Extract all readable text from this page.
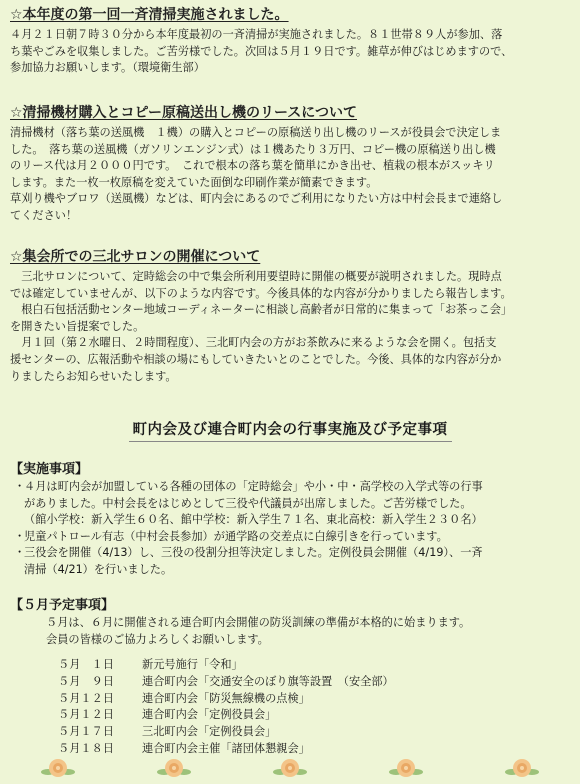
☆本年度の第一回一斉清掃実施されました。

４月２１日朝７時３０分から本年度最初の一斉清掃が実施されました。８１世帯８９人が参加、落
ち葉やごみを収集しました。ご苦労様でした。次回は５月１９日です。雑草が伸びはじめますので、
参加協力お願いします。（環境衛生部）

☆清掃機材購入とコピー原稿送出し機のリースについて

清掃機材（落ち葉の送風機　１機）の購入とコピーの原稿送り出し機のリースが役員会で決定しま
した。　落ち葉の送風機（ガソリンエンジン式）は１機あたり３万円、コピー機の原稿送り出し機
のリース代は月２０００円です。　これで根本の落ち葉を簡単にかき出せ、植栽の根本がスッキリ
します。また一枚一枚原稿を変えていた面倒な印刷作業が簡素できます。
草刈り機やブロワ（送風機）などは、町内会にあるのでご利用になりたい方は中村会長まで連絡し
てください！

☆集会所での三北サロンの開催について

　三北サロンについて、定時総会の中で集会所利用要望時に開催の概要が説明されました。現時点
では確定していませんが、以下のような内容です。今後具体的な内容が分かりましたら報告します。
　根白石包括活動センター地域コーディネーターに相談し高齢者が日常的に集まって「お茶っこ会」
を開きたい旨提案でした。
　月１回（第２水曜日、２時間程度）、三北町内会の方がお茶飲みに来るような会を開く。包括支
援センターの、広報活動や相談の場にもしていきたいとのことでした。今後、具体的な内容が分か
りましたらお知らせいたします。

町内会及び連合町内会の行事実施及び予定事項

【実施事項】

・
４月は町内会が加盟している各種の団体の「定時総会」や小・中・高学校の入学式等の行事
がありました。中村会長をはじめとして三役や代議員が出席しました。ご苦労様でした。
（館小学校：新入学生６０名、館中学校：新入学生７１名、東北高校：新入学生２３０名）
・
児童パトロール有志（中村会長参加）が通学路の交差点に白線引きを行っています。
・
三役会を開催（4/13）し、三役の役割分担等決定しました。定例役員会開催（4/19）、一斉
清掃（4/21）を行いました。

【５月予定事項】

５月は、６月に開催される連合町内会開催の防災訓練の準備が本格的に始まります。
会員の皆様のご協力よろしくお願いします。

５月　１日	新元号施行「令和」
５月　９日	連合町内会「交通安全のぼり旗等設置　（安全部）
５月１２日	連合町内会「防災無線機の点検」
５月１２日	連合町内会「定例役員会」
５月１７日	三北町内会「定例役員会」
５月１８日	連合町内会主催「諸団体懇親会」
